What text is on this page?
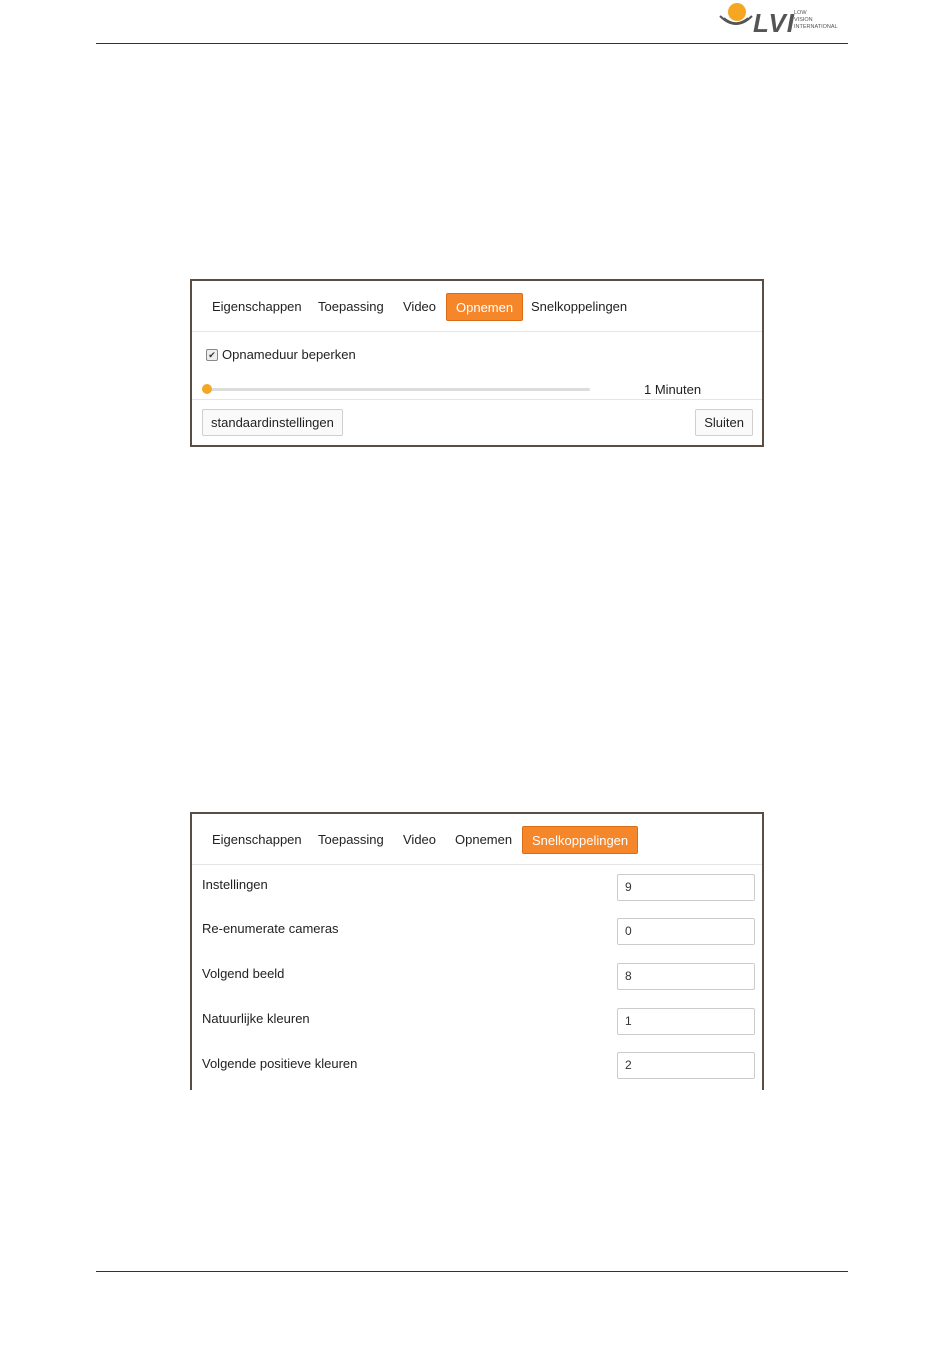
LVI
LOW
VISION
INTERNATIONAL
Eigenschappen	Toepassing	Video	Opnemen	Snelkoppelingen
✔ Opnameduur beperken
1 Minuten
standaardinstellingen	Sluiten
Eigenschappen	Toepassing	Video	Opnemen	Snelkoppelingen
Instellingen	9
Re-enumerate cameras	0
Volgend beeld	8
Natuurlijke kleuren	1
Volgende positieve kleuren	2
